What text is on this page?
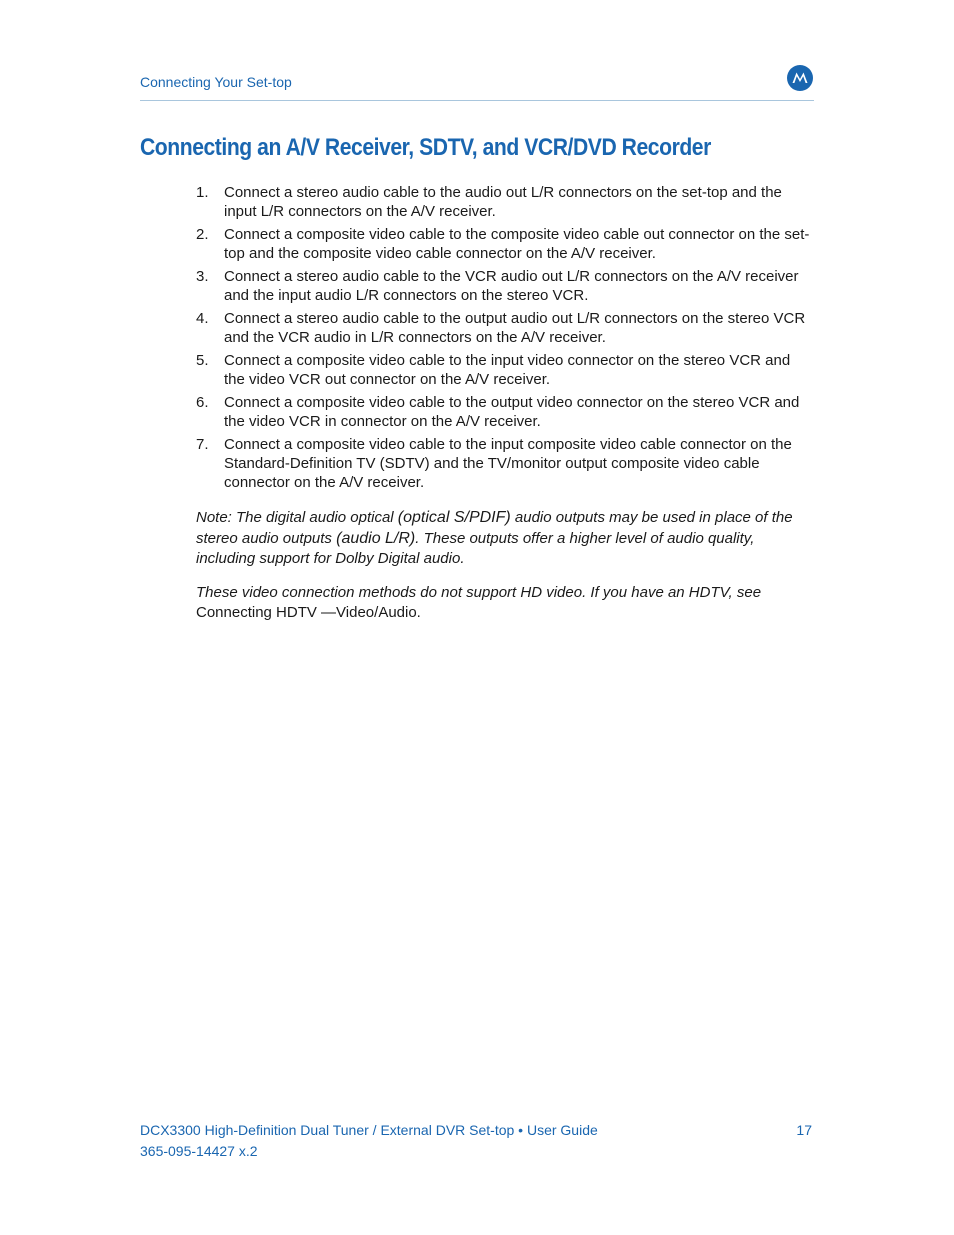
Connecting Your Set-top
Connecting an A/V Receiver, SDTV, and VCR/DVD Recorder
1. Connect a stereo audio cable to the audio out L/R connectors on the set-top and the input L/R connectors on the A/V receiver.
2. Connect a composite video cable to the composite video cable out connector on the set-top and the composite video cable connector on the A/V receiver.
3. Connect a stereo audio cable to the VCR audio out L/R connectors on the A/V receiver and the input audio L/R connectors on the stereo VCR.
4. Connect a stereo audio cable to the output audio out L/R connectors on the stereo VCR and the VCR audio in L/R connectors on the A/V receiver.
5. Connect a composite video cable to the input video connector on the stereo VCR and the video VCR out connector on the A/V receiver.
6. Connect a composite video cable to the output video connector on the stereo VCR and the video VCR in connector on the A/V receiver.
7. Connect a composite video cable to the input composite video cable connector on the Standard-Definition TV (SDTV) and the TV/monitor output composite video cable connector on the A/V receiver.

Note: The digital audio optical (optical S/PDIF) audio outputs may be used in place of the stereo audio outputs (audio L/R). These outputs offer a higher level of audio quality, including support for Dolby Digital audio.

These video connection methods do not support HD video. If you have an HDTV, see
Connecting HDTV —Video/Audio.

DCX3300 High-Definition Dual Tuner / External DVR Set-top • User Guide
365-095-14427 x.2
17
